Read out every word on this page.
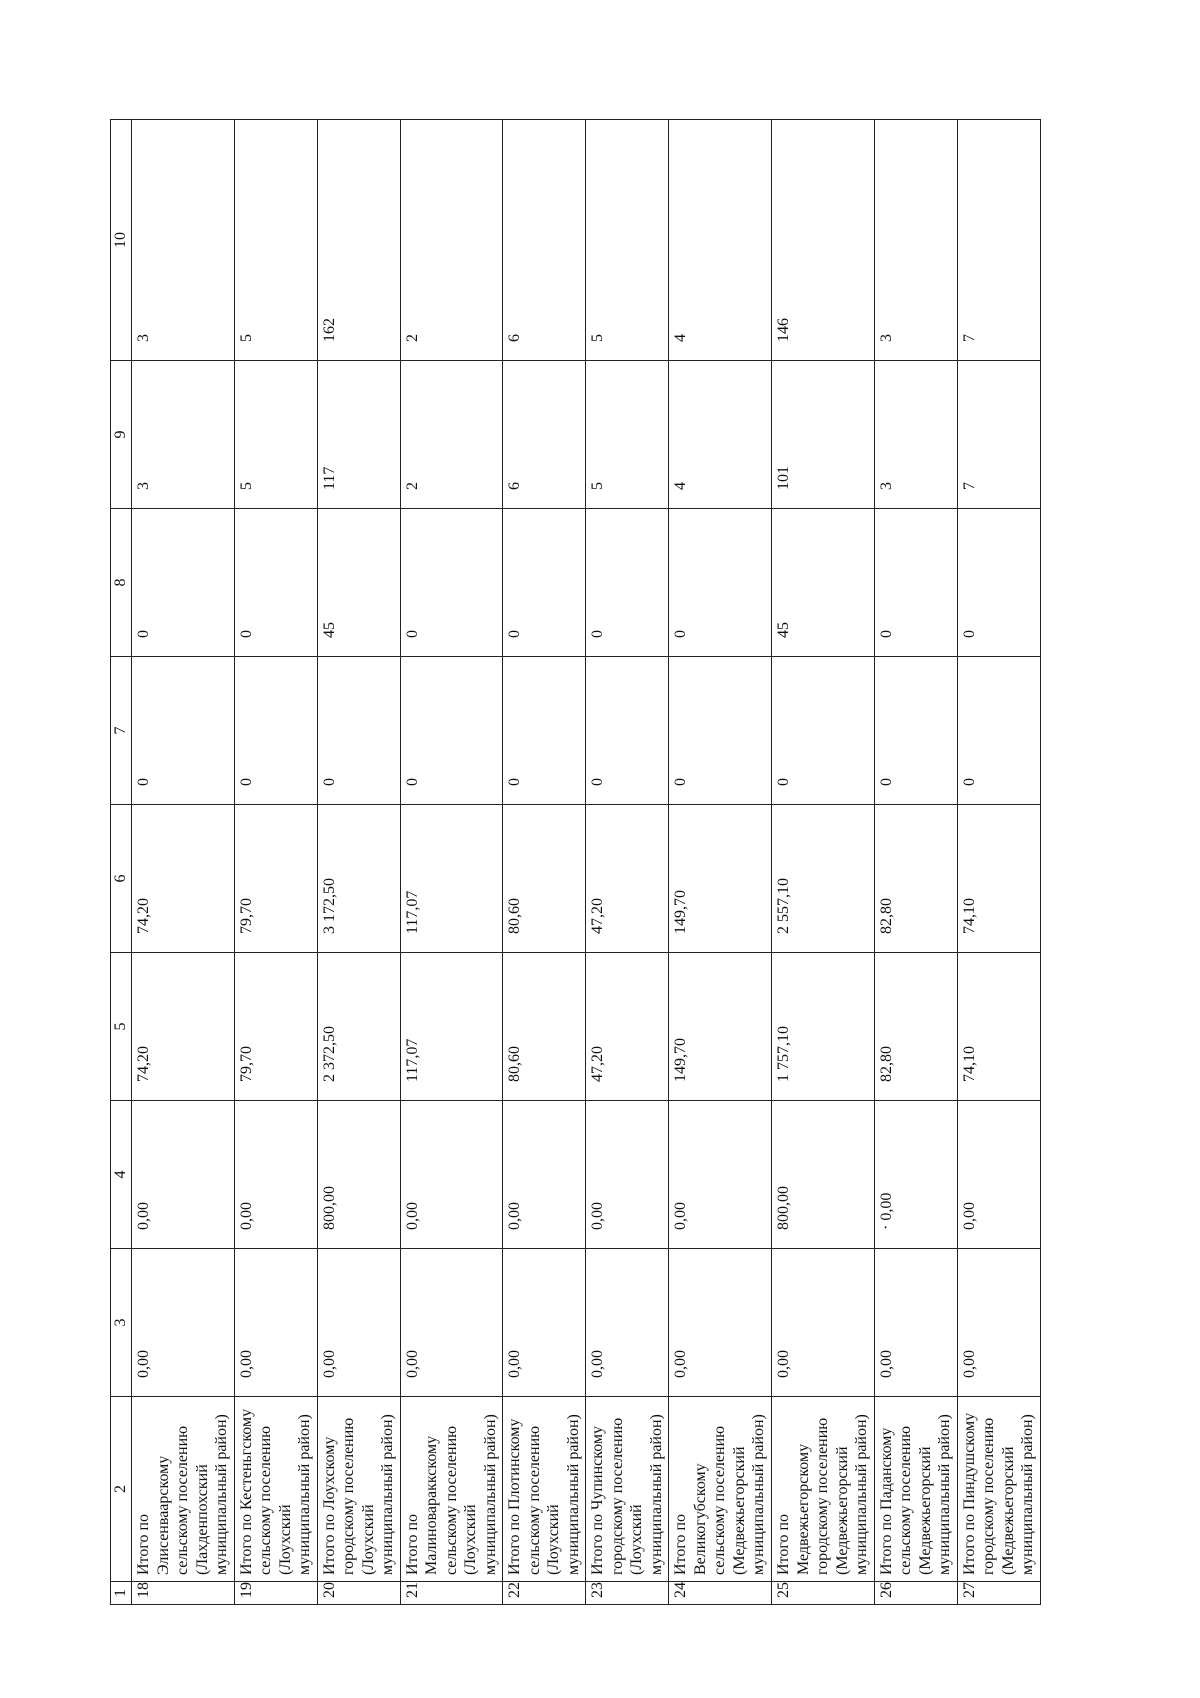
1	2	3	4	5	6	7	8	9	10
18	Итого по Элисенваарскому сельскому поселению (Лахденпохский муниципальный район)	0,00	0,00	74,20	74,20	0	0	3	3
19	Итого по Кестеньгскому сельскому поселению (Лоухский муниципальный район)	0,00	0,00	79,70	79,70	0	0	5	5
20	Итого по Лоухскому городскому поселению (Лоухский муниципальный район)	0,00	800,00	2 372,50	3 172,50	0	45	117	162
21	Итого по Малиновараккскому сельскому поселению (Лоухский муниципальный район)	0,00	0,00	117,07	117,07	0	0	2	2
22	Итого по Плотинскому сельскому поселению (Лоухский муниципальный район)	0,00	0,00	80,60	80,60	0	0	6	6
23	Итого по Чупинскому городскому поселению (Лоухский муниципальный район)	0,00	0,00	47,20	47,20	0	0	5	5
24	Итого по Великогубскому сельскому поселению (Медвежьегорский муниципальный район)	0,00	0,00	149,70	149,70	0	0	4	4
25	Итого по Медвежьегорскому городскому поселению (Медвежьегорский муниципальный район)	0,00	800,00	1 757,10	2 557,10	0	45	101	146
26	Итого по Паданскому сельскому поселению (Медвежьегорский муниципальный район)	0,00	· 0,00	82,80	82,80	0	0	3	3
27	Итого по Пиндушскому городскому поселению (Медвежьегорский муниципальный район)	0,00	0,00	74,10	74,10	0	0	7	7
